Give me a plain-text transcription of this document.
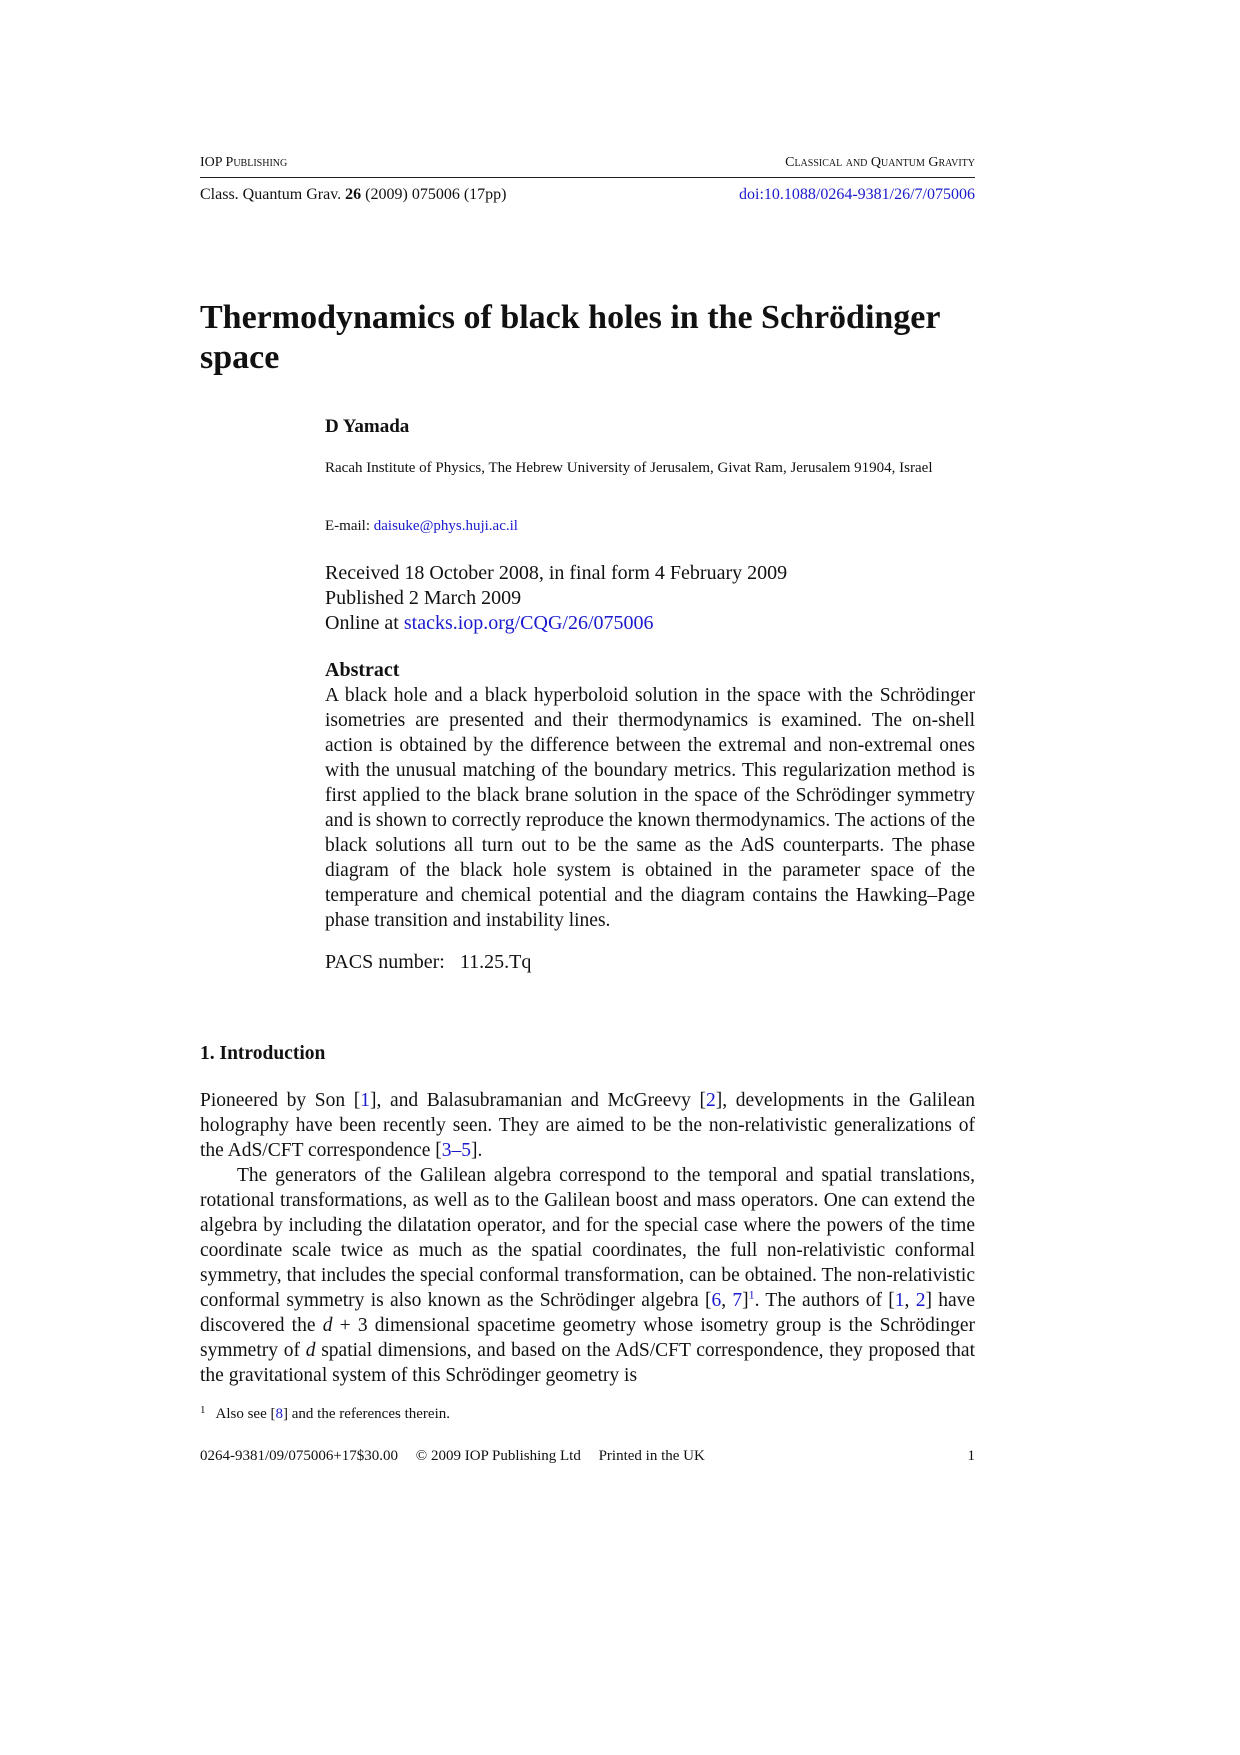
IOP Publishing	Classical and Quantum Gravity
Class. Quantum Grav. 26 (2009) 075006 (17pp)	doi:10.1088/0264-9381/26/7/075006
Thermodynamics of black holes in the Schrödinger space
D Yamada
Racah Institute of Physics, The Hebrew University of Jerusalem, Givat Ram, Jerusalem 91904, Israel
E-mail: daisuke@phys.huji.ac.il
Received 18 October 2008, in final form 4 February 2009
Published 2 March 2009
Online at stacks.iop.org/CQG/26/075006
Abstract
A black hole and a black hyperboloid solution in the space with the Schrödinger isometries are presented and their thermodynamics is examined. The on-shell action is obtained by the difference between the extremal and non-extremal ones with the unusual matching of the boundary metrics. This regularization method is first applied to the black brane solution in the space of the Schrödinger symmetry and is shown to correctly reproduce the known thermodynamics. The actions of the black solutions all turn out to be the same as the AdS counterparts. The phase diagram of the black hole system is obtained in the parameter space of the temperature and chemical potential and the diagram contains the Hawking–Page phase transition and instability lines.
PACS number: 11.25.Tq
1. Introduction

Pioneered by Son [1], and Balasubramanian and McGreevy [2], developments in the Galilean holography have been recently seen. They are aimed to be the non-relativistic generalizations of the AdS/CFT correspondence [3–5].

The generators of the Galilean algebra correspond to the temporal and spatial translations, rotational transformations, as well as to the Galilean boost and mass operators. One can extend the algebra by including the dilatation operator, and for the special case where the powers of the time coordinate scale twice as much as the spatial coordinates, the full non-relativistic conformal symmetry, that includes the special conformal transformation, can be obtained. The non-relativistic conformal symmetry is also known as the Schrödinger algebra [6, 7]$^1$. The authors of [1, 2] have discovered the d + 3 dimensional spacetime geometry whose isometry group is the Schrödinger symmetry of d spatial dimensions, and based on the AdS/CFT correspondence, they proposed that the gravitational system of this Schrödinger geometry is

$^1$ Also see [8] and the references therein.
0264-9381/09/075006+17$30.00 © 2009 IOP Publishing Ltd Printed in the UK	1
